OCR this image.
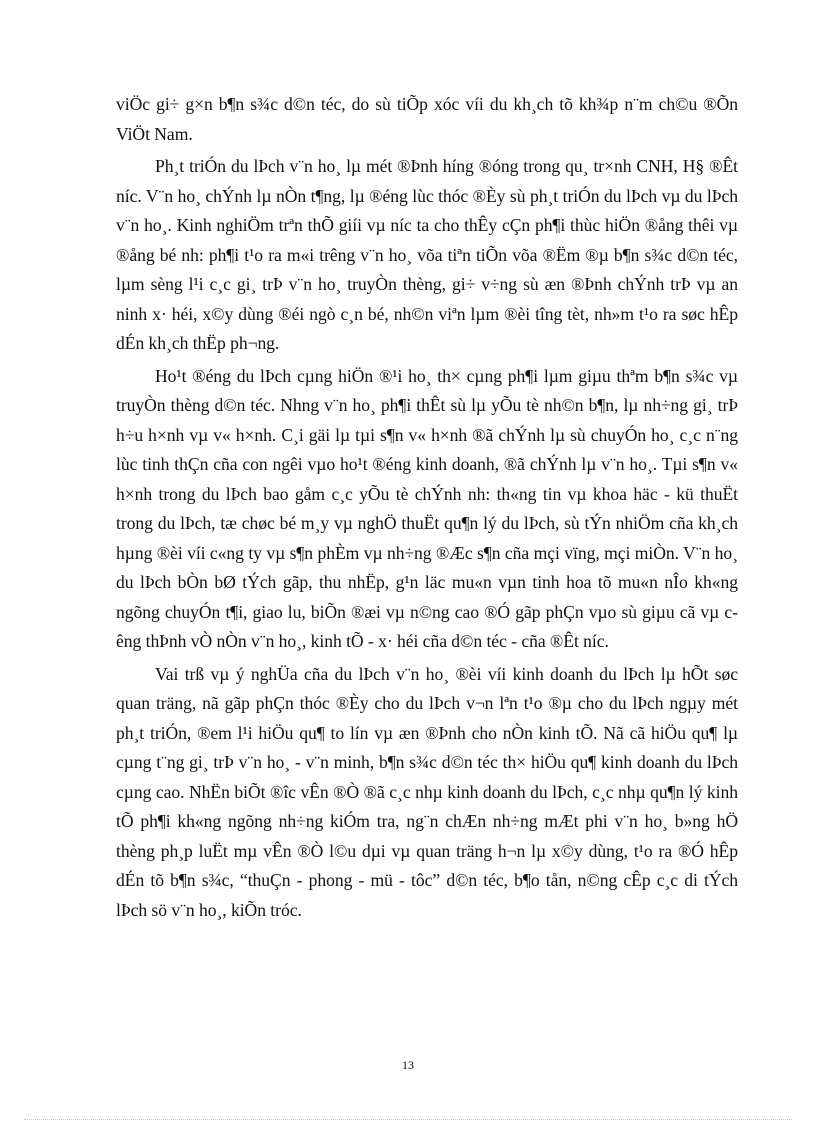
viÖc gi÷ g×n b¶n s¾c d©n téc, do sù tiÕp xóc víi du kh¸ch tõ kh¾p n¨m ch©u ®Õn ViÖt Nam.

Ph¸t triÓn du lÞch v¨n ho¸ lµ mét ®Þnh híng ®óng trong qu¸ tr×nh CNH, H§ ®Êt níc. V¨n ho¸ chÝnh lµ nÒn t¶ng, lµ ®éng lùc thóc ®Èy sù ph¸t triÓn du lÞch vµ du lÞch v¨n ho¸. Kinh nghiÖm trªn thÕ giíi vµ níc ta cho thÊy cÇn ph¶i thùc hiÖn ®ång thêi vµ ®ång bé nh: ph¶i t¹o ra m«i trêng v¨n ho¸ võa tiªn tiÕn võa ®Ëm ®µ b¶n s¾c d©n téc, lµm sèng l¹i c¸c gi¸ trÞ v¨n ho¸ truyÒn thèng, gi÷ v÷ng sù æn ®Þnh chÝnh trÞ vµ an ninh x· héi, x©y dùng ®éi ngò c¸n bé, nh©n viªn lµm ®èi tîng tèt, nh»m t¹o ra søc hÊp dÉn kh¸ch thËp ph¬ng.

Ho¹t ®éng du lÞch cµng hiÖn ®¹i ho¸ th× cµng ph¶i lµm giµu thªm b¶n s¾c vµ truyÒn thèng d©n téc. Nhng v¨n ho¸ ph¶i thÊt sù lµ yÕu tè nh©n b¶n, lµ nh÷ng gi¸ trÞ h÷u h×nh vµ v« h×nh. C¸i gäi lµ tµi s¶n v« h×nh ®ã chÝnh lµ sù chuyÓn ho¸ c¸c n¨ng lùc tinh thÇn cña con ngêi vµo ho¹t ®éng kinh doanh, ®ã chÝnh lµ v¨n ho¸. Tµi s¶n v« h×nh trong du lÞch bao gåm c¸c yÕu tè chÝnh nh: th«ng tin vµ khoa häc - kü thuËt trong du lÞch, tæ chøc bé m¸y vµ nghÖ thuËt qu¶n lý du lÞch, sù tÝn nhiÖm cña kh¸ch hµng ®èi víi c«ng ty vµ s¶n phÈm vµ nh÷ng ®Æc s¶n cña mçi vïng, mçi miÒn. V¨n ho¸ du lÞch bÒn bØ tÝch gãp, thu nhËp, g¹n läc mu«n vµn tinh hoa tõ mu«n nÎo kh«ng ngõng chuyÓn t¶i, giao lu, biÕn ®æi vµ n©ng cao ®Ó gãp phÇn vµo sù giµu cã vµ cêng thÞnh vÒ nÒn v¨n ho¸, kinh tÕ - x· héi cña d©n téc - cña ®Êt níc.

Vai trß vµ ý nghÜa cña du lÞch v¨n ho¸ ®èi víi kinh doanh du lÞch lµ hÕt søc quan träng, nã gãp phÇn thóc ®Èy cho du lÞch v¬n lªn t¹o ®µ cho du lÞch ngµy mét ph¸t triÓn, ®em l¹i hiÖu qu¶ to lín vµ æn ®Þnh cho nÒn kinh tÕ. Nã cã hiÖu qu¶ lµ cµng t¨ng gi¸ trÞ v¨n ho¸ - v¨n minh, b¶n s¾c d©n téc th× hiÖu qu¶ kinh doanh du lÞch cµng cao. NhËn biÕt ®îc vÊn ®Ò ®ã c¸c nhµ kinh doanh du lÞch, c¸c nhµ qu¶n lý kinh tÕ ph¶i kh«ng ngõng nh÷ng kiÓm tra, ng¨n chÆn nh÷ng mÆt phi v¨n ho¸ b»ng hÖ thèng ph¸p luËt mµ vÊn ®Ò l©u dµi vµ quan träng h¬n lµ x©y dùng, t¹o ra ®Ó hÊp dÉn tõ b¶n s¾c, “thuÇn - phong - mü - tôc” d©n téc, b¶o tån, n©ng cÊp c¸c di tÝch lÞch sö v¨n ho¸, kiÕn tróc.

13
